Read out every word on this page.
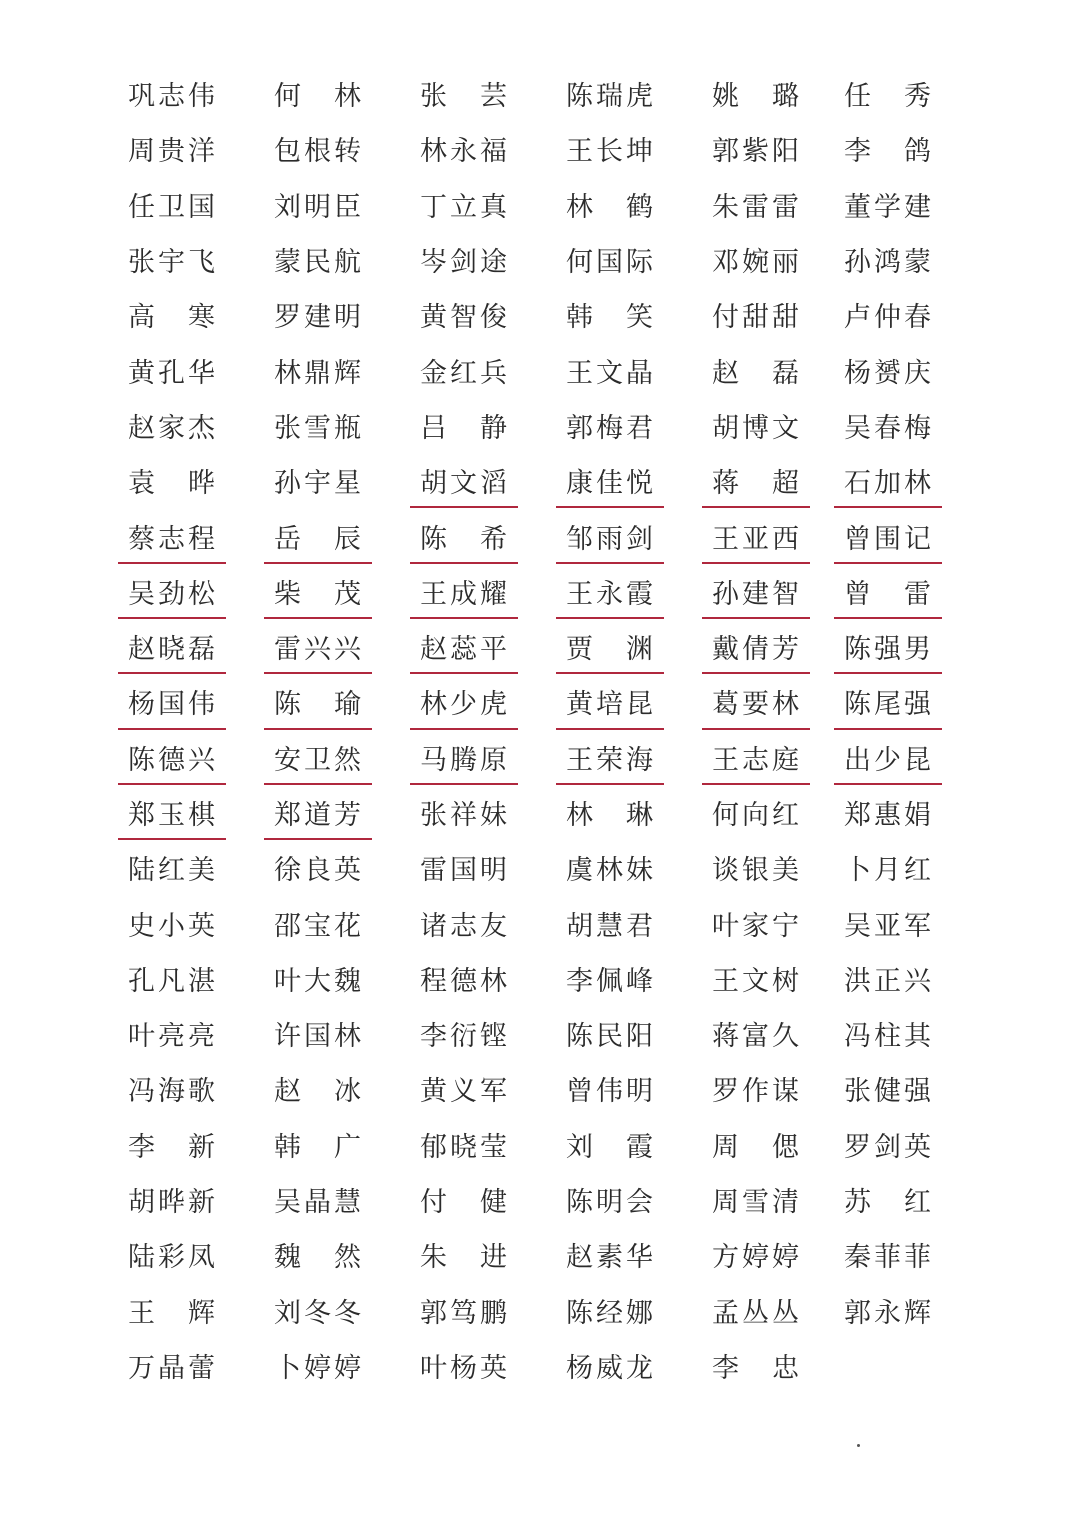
巩志伟 何　林 张　芸 陈瑞虎 姚　璐 任　秀
周贵洋 包根转 林永福 王长坤 郭紫阳 李　鸽
任卫国 刘明臣 丁立真 林　鹤 朱雷雷 董学建
张宇飞 蒙民航 岑剑途 何国际 邓婉丽 孙鸿蒙
高　寒 罗建明 黄智俊 韩　笑 付甜甜 卢仲春
黄孔华 林鼎辉 金红兵 王文晶 赵　磊 杨赟庆
赵家杰 张雪瓶 吕　静 郭梅君 胡博文 吴春梅
袁　晔 孙宇星 胡文滔 康佳悦 蒋　超 石加林
蔡志程 岳　辰 陈　希 邹雨剑 王亚西 曾围记
吴劲松 柴　茂 王成耀 王永霞 孙建智 曾　雷
赵晓磊 雷兴兴 赵蕊平 贾　渊 戴倩芳 陈强男
杨国伟 陈　瑜 林少虎 黄培昆 葛要林 陈尾强
陈德兴 安卫然 马腾原 王荣海 王志庭 出少昆
郑玉棋 郑道芳 张祥妹 林　琳 何向红 郑惠娟
陆红美 徐良英 雷国明 虞林妹 谈银美 卜月红
史小英 邵宝花 诸志友 胡慧君 叶家宁 吴亚军
孔凡湛 叶大魏 程德林 李佩峰 王文树 洪正兴
叶亮亮 许国林 李衍铿 陈民阳 蒋富久 冯柱其
冯海歌 赵　冰 黄义军 曾伟明 罗作谋 张健强
李　新 韩　广 郁晓莹 刘　霞 周　偲 罗剑英
胡晔新 吴晶慧 付　健 陈明会 周雪清 苏　红
陆彩凤 魏　然 朱　进 赵素华 方婷婷 秦菲菲
王　辉 刘冬冬 郭笃鹏 陈经娜 孟丛丛 郭永辉
万晶蕾 卜婷婷 叶杨英 杨威龙 李　忠
